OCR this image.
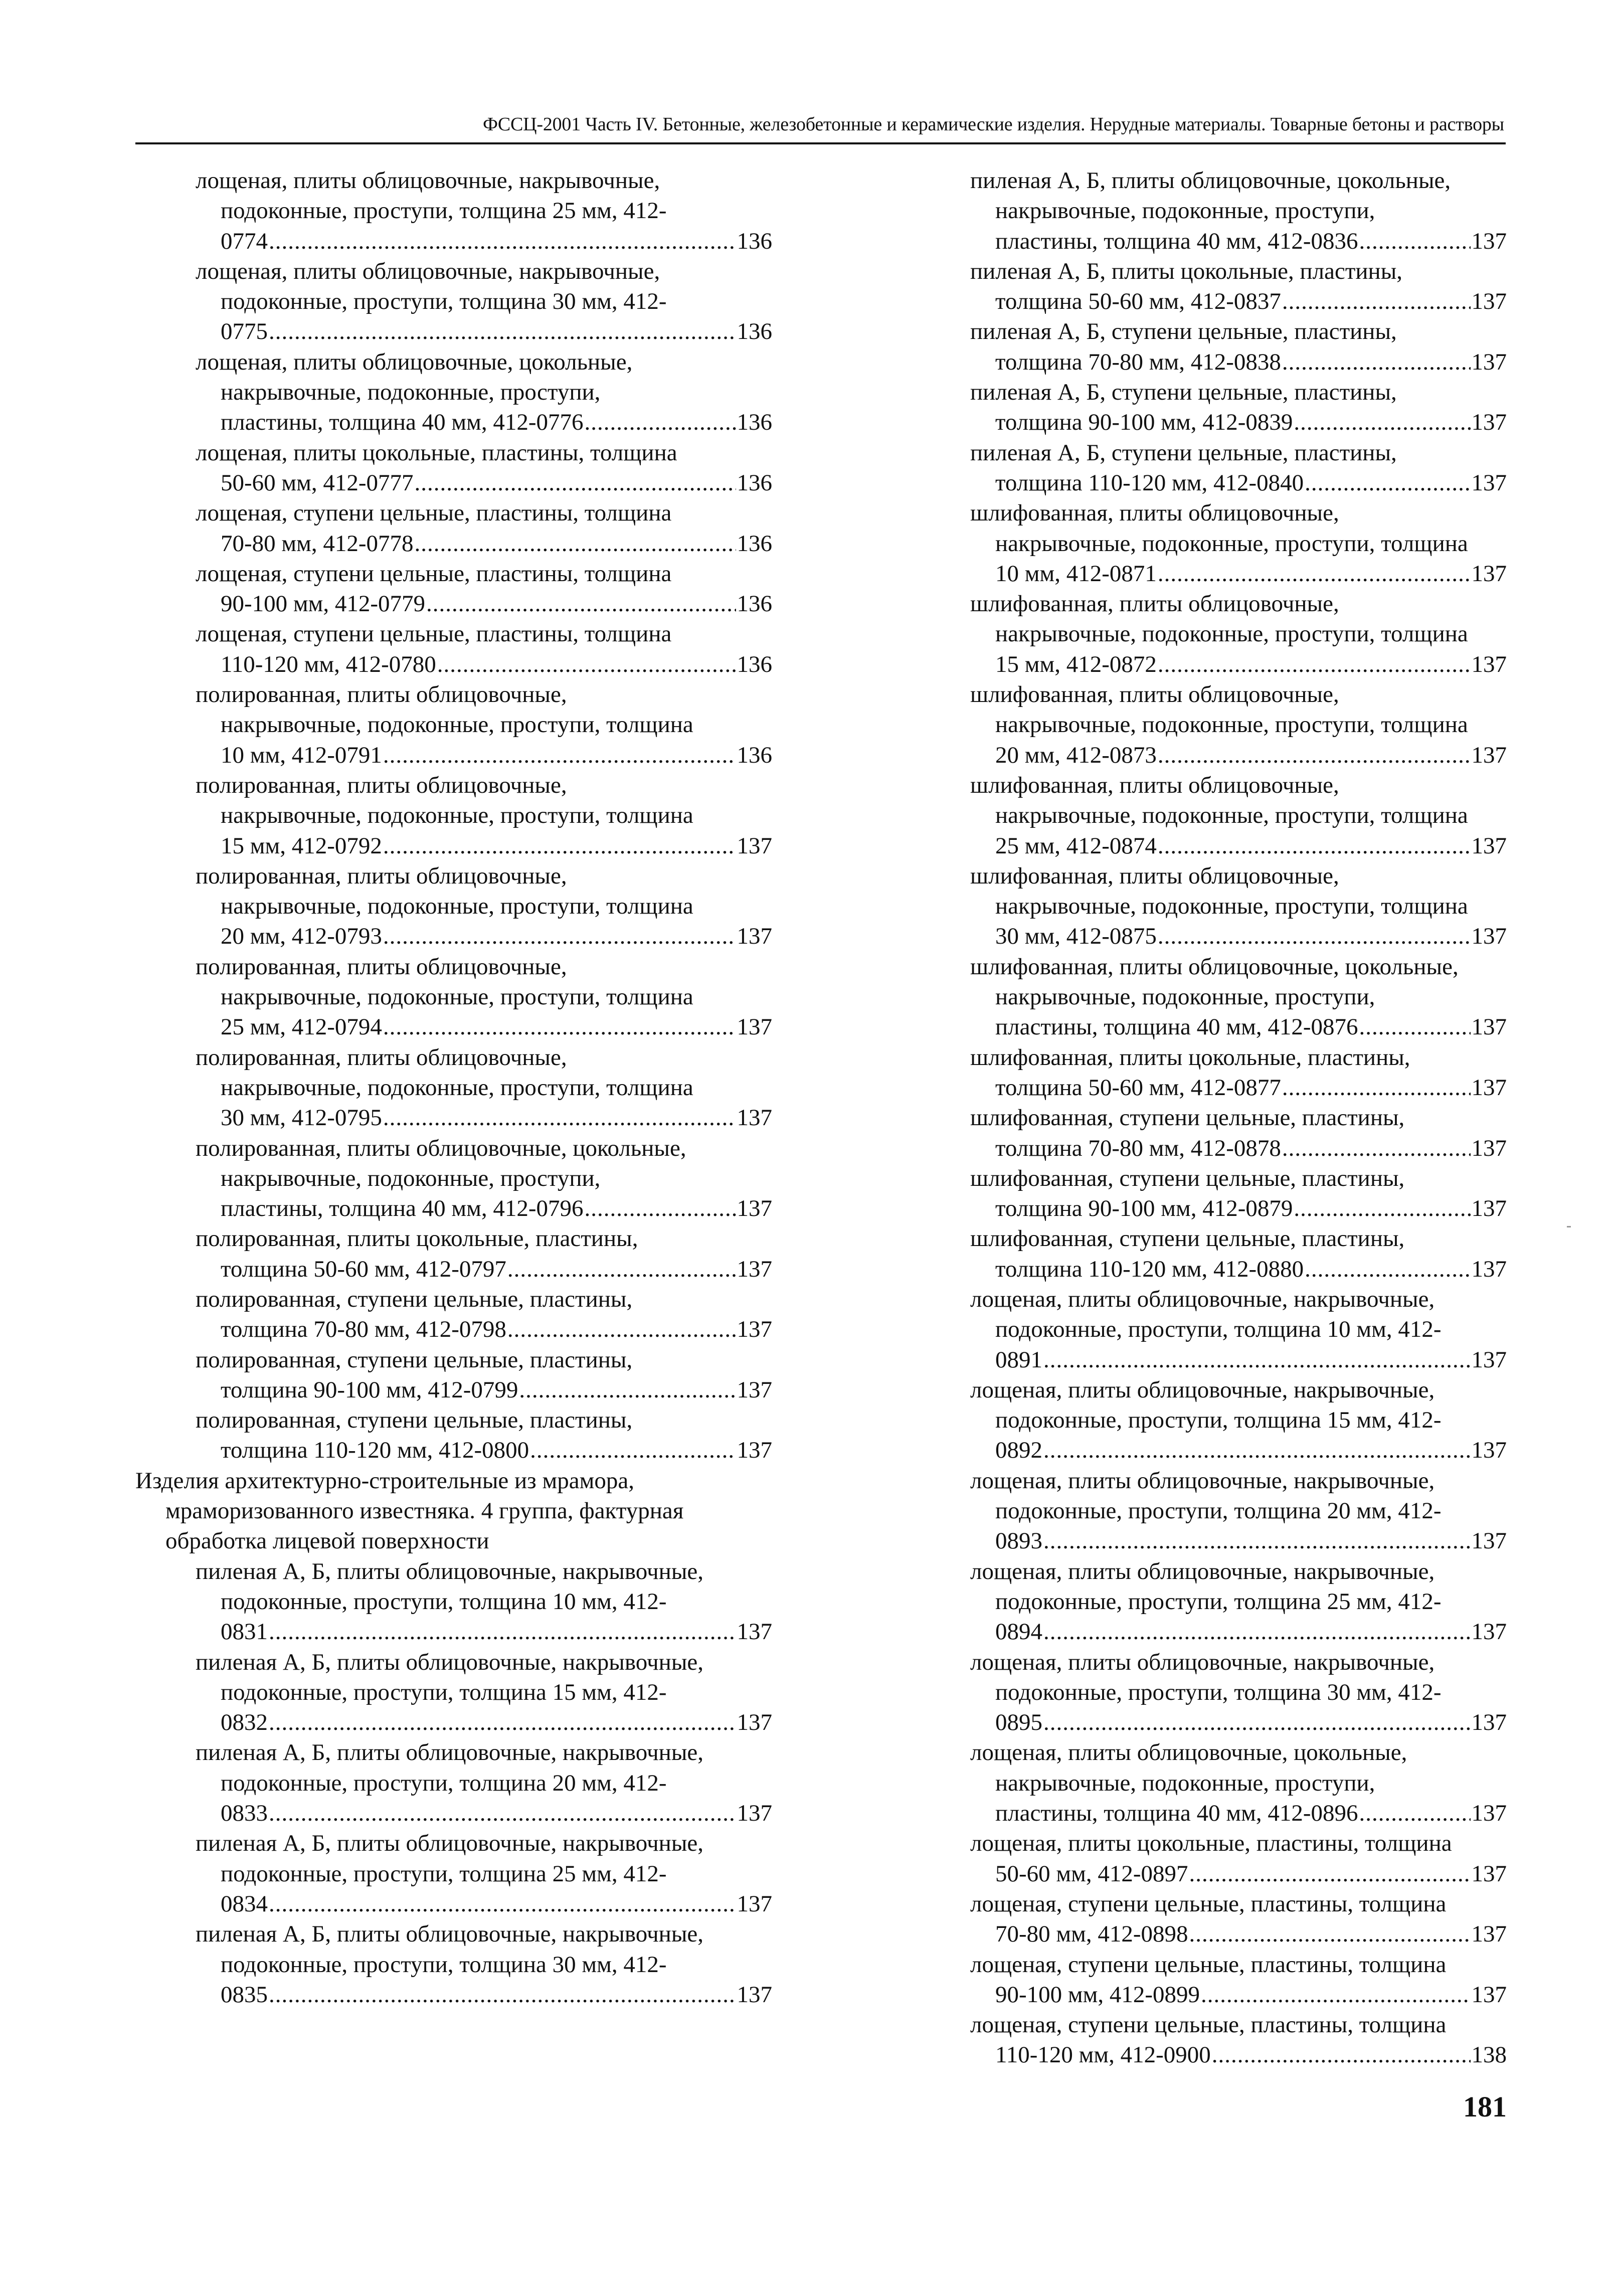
ФССЦ-2001 Часть IV. Бетонные, железобетонные и керамические изделия. Нерудные материалы. Товарные бетоны и растворы
лощеная, плиты облицовочные, накрывочные,
подоконные, проступи, толщина 25 мм, 412-
0774 .....	136
лощеная, плиты облицовочные, накрывочные,
подоконные, проступи, толщина 30 мм, 412-
0775 .....	136
лощеная, плиты облицовочные, цокольные,
накрывочные, подоконные, проступи,
пластины, толщина 40 мм, 412-0776 .....	136
лощеная, плиты цокольные, пластины, толщина
50-60 мм, 412-0777 .....	136
лощеная, ступени цельные, пластины, толщина
70-80 мм, 412-0778 .....	136
лощеная, ступени цельные, пластины, толщина
90-100 мм, 412-0779 .....	136
лощеная, ступени цельные, пластины, толщина
110-120 мм, 412-0780 .....	136
полированная, плиты облицовочные,
накрывочные, подоконные, проступи, толщина
10 мм, 412-0791 .....	136
полированная, плиты облицовочные,
накрывочные, подоконные, проступи, толщина
15 мм, 412-0792 .....	137
полированная, плиты облицовочные,
накрывочные, подоконные, проступи, толщина
20 мм, 412-0793 .....	137
полированная, плиты облицовочные,
накрывочные, подоконные, проступи, толщина
25 мм, 412-0794 .....	137
полированная, плиты облицовочные,
накрывочные, подоконные, проступи, толщина
30 мм, 412-0795 .....	137
полированная, плиты облицовочные, цокольные,
накрывочные, подоконные, проступи,
пластины, толщина 40 мм, 412-0796 .....	137
полированная, плиты цокольные, пластины,
толщина 50-60 мм, 412-0797 .....	137
полированная, ступени цельные, пластины,
толщина 70-80 мм, 412-0798 .....	137
полированная, ступени цельные, пластины,
толщина 90-100 мм, 412-0799 .....	137
полированная, ступени цельные, пластины,
толщина 110-120 мм, 412-0800 .....	137
Изделия архитектурно-строительные из мрамора,
мраморизованного известняка. 4 группа, фактурная
обработка лицевой поверхности
пиленая А, Б, плиты облицовочные, накрывочные,
подоконные, проступи, толщина 10 мм, 412-
0831 .....	137
пиленая А, Б, плиты облицовочные, накрывочные,
подоконные, проступи, толщина 15 мм, 412-
0832 .....	137
пиленая А, Б, плиты облицовочные, накрывочные,
подоконные, проступи, толщина 20 мм, 412-
0833 .....	137
пиленая А, Б, плиты облицовочные, накрывочные,
подоконные, проступи, толщина 25 мм, 412-
0834 .....	137
пиленая А, Б, плиты облицовочные, накрывочные,
подоконные, проступи, толщина 30 мм, 412-
0835 .....	137
пиленая А, Б, плиты облицовочные, цокольные,
накрывочные, подоконные, проступи,
пластины, толщина 40 мм, 412-0836 .....	137
пиленая А, Б, плиты цокольные, пластины,
толщина 50-60 мм, 412-0837 .....	137
пиленая А, Б, ступени цельные, пластины,
толщина 70-80 мм, 412-0838 .....	137
пиленая А, Б, ступени цельные, пластины,
толщина 90-100 мм, 412-0839 .....	137
пиленая А, Б, ступени цельные, пластины,
толщина 110-120 мм, 412-0840 .....	137
шлифованная, плиты облицовочные,
накрывочные, подоконные, проступи, толщина
10 мм, 412-0871 .....	137
шлифованная, плиты облицовочные,
накрывочные, подоконные, проступи, толщина
15 мм, 412-0872 .....	137
шлифованная, плиты облицовочные,
накрывочные, подоконные, проступи, толщина
20 мм, 412-0873 .....	137
шлифованная, плиты облицовочные,
накрывочные, подоконные, проступи, толщина
25 мм, 412-0874 .....	137
шлифованная, плиты облицовочные,
накрывочные, подоконные, проступи, толщина
30 мм, 412-0875 .....	137
шлифованная, плиты облицовочные, цокольные,
накрывочные, подоконные, проступи,
пластины, толщина 40 мм, 412-0876 .....	137
шлифованная, плиты цокольные, пластины,
толщина 50-60 мм, 412-0877 .....	137
шлифованная, ступени цельные, пластины,
толщина 70-80 мм, 412-0878 .....	137
шлифованная, ступени цельные, пластины,
толщина 90-100 мм, 412-0879 .....	137
шлифованная, ступени цельные, пластины,
толщина 110-120 мм, 412-0880 .....	137
лощеная, плиты облицовочные, накрывочные,
подоконные, проступи, толщина 10 мм, 412-
0891 .....	137
лощеная, плиты облицовочные, накрывочные,
подоконные, проступи, толщина 15 мм, 412-
0892 .....	137
лощеная, плиты облицовочные, накрывочные,
подоконные, проступи, толщина 20 мм, 412-
0893 .....	137
лощеная, плиты облицовочные, накрывочные,
подоконные, проступи, толщина 25 мм, 412-
0894 .....	137
лощеная, плиты облицовочные, накрывочные,
подоконные, проступи, толщина 30 мм, 412-
0895 .....	137
лощеная, плиты облицовочные, цокольные,
накрывочные, подоконные, проступи,
пластины, толщина 40 мм, 412-0896 .....	137
лощеная, плиты цокольные, пластины, толщина
50-60 мм, 412-0897 .....	137
лощеная, ступени цельные, пластины, толщина
70-80 мм, 412-0898 .....	137
лощеная, ступени цельные, пластины, толщина
90-100 мм, 412-0899 .....	137
лощеная, ступени цельные, пластины, толщина
110-120 мм, 412-0900 .....	138
181
